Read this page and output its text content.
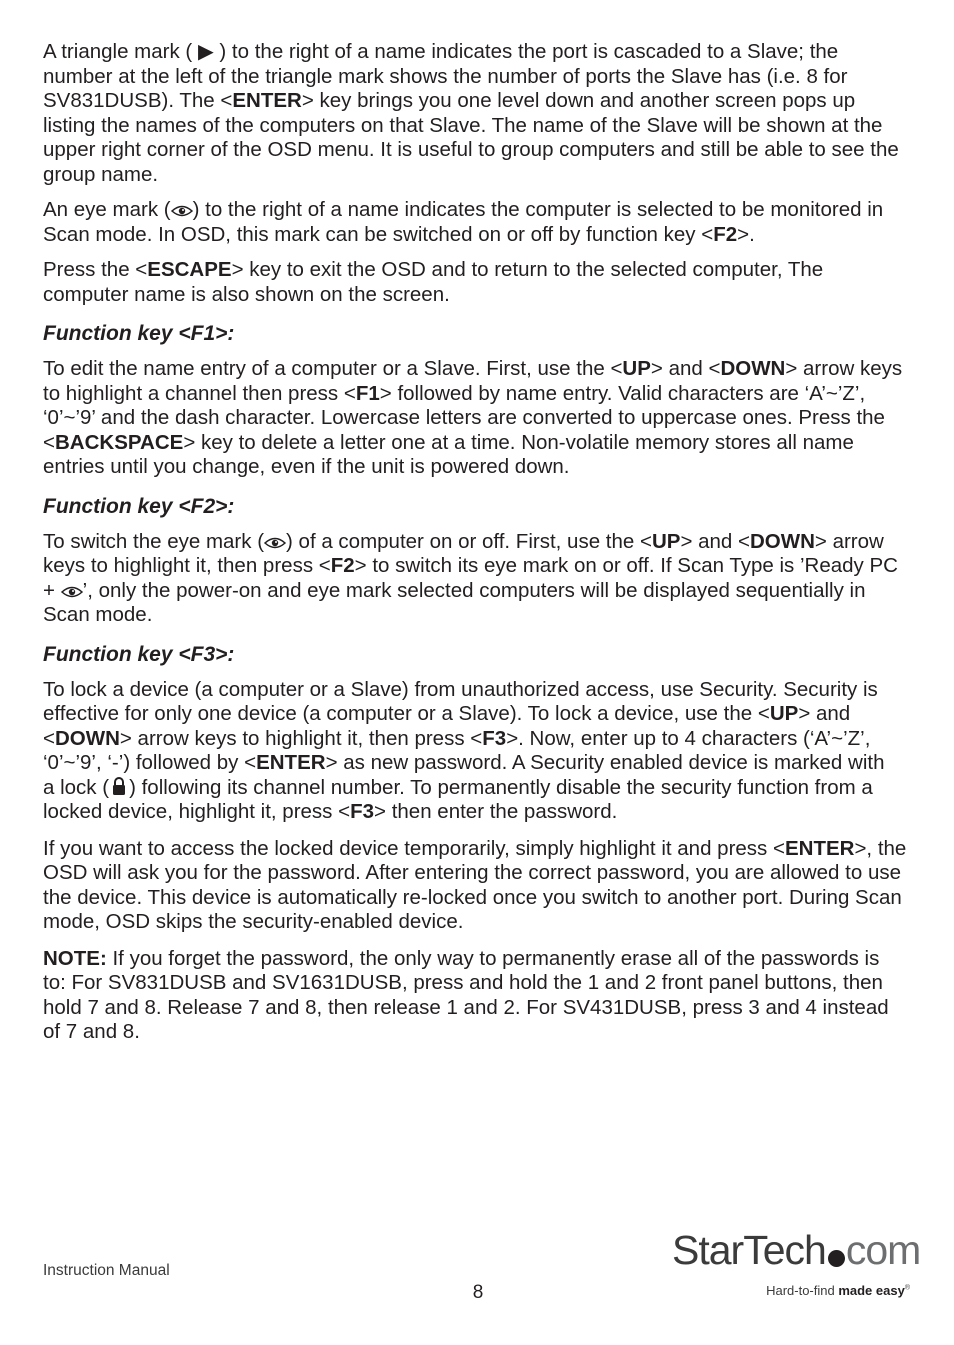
A triangle mark ( ▶ ) to the right of a name indicates the port is cascaded to a Slave; the number at the left of the triangle mark shows the number of ports the Slave has (i.e. 8 for SV831DUSB). The <ENTER> key brings you one level down and another screen pops up listing the names of the computers on that Slave. The name of the Slave will be shown at the upper right corner of the OSD menu. It is useful to group computers and still be able to see the group name.

An eye mark ( ) to the right of a name indicates the computer is selected to be monitored in Scan mode. In OSD, this mark can be switched on or off by function key <F2>.

Press the <ESCAPE> key to exit the OSD and to return to the selected computer, The computer name is also shown on the screen.

Function key <F1>:

To edit the name entry of a computer or a Slave. First, use the <UP> and <DOWN> arrow keys to highlight a channel then press <F1> followed by name entry. Valid characters are ‘A’~’Z’, ‘0’~’9’ and the dash character. Lowercase letters are converted to uppercase ones. Press the <BACKSPACE> key to delete a letter one at a time. Non-volatile memory stores all name entries until you change, even if the unit is powered down.

Function key <F2>:

To switch the eye mark ( ) of a computer on or off. First, use the <UP> and <DOWN> arrow keys to highlight it, then press <F2> to switch its eye mark on or off. If Scan Type is ’Ready PC + ’, only the power-on and eye mark selected computers will be displayed sequentially in Scan mode.

Function key <F3>:

To lock a device (a computer or a Slave) from unauthorized access, use Security. Security is effective for only one device (a computer or a Slave). To lock a device, use the <UP> and <DOWN> arrow keys to highlight it, then press <F3>. Now, enter up to 4 characters (‘A’~’Z’, ‘0’~’9’, ‘-’) followed by <ENTER> as new password. A Security enabled device is marked with a lock ( ) following its channel number. To permanently disable the security function from a locked device, highlight it, press <F3> then enter the password.

If you want to access the locked device temporarily, simply highlight it and press <ENTER>, the OSD will ask you for the password. After entering the correct password, you are allowed to use the device. This device is automatically re-locked once you switch to another port. During Scan mode, OSD skips the security-enabled device.

NOTE: If you forget the password, the only way to permanently erase all of the passwords is to: For SV831DUSB and SV1631DUSB, press and hold the 1 and 2 front panel buttons, then hold 7 and 8. Release 7 and 8, then release 1 and 2. For SV431DUSB, press 3 and 4 instead of 7 and 8.

Instruction Manual
8
StarTech com
Hard-to-find made easy®
